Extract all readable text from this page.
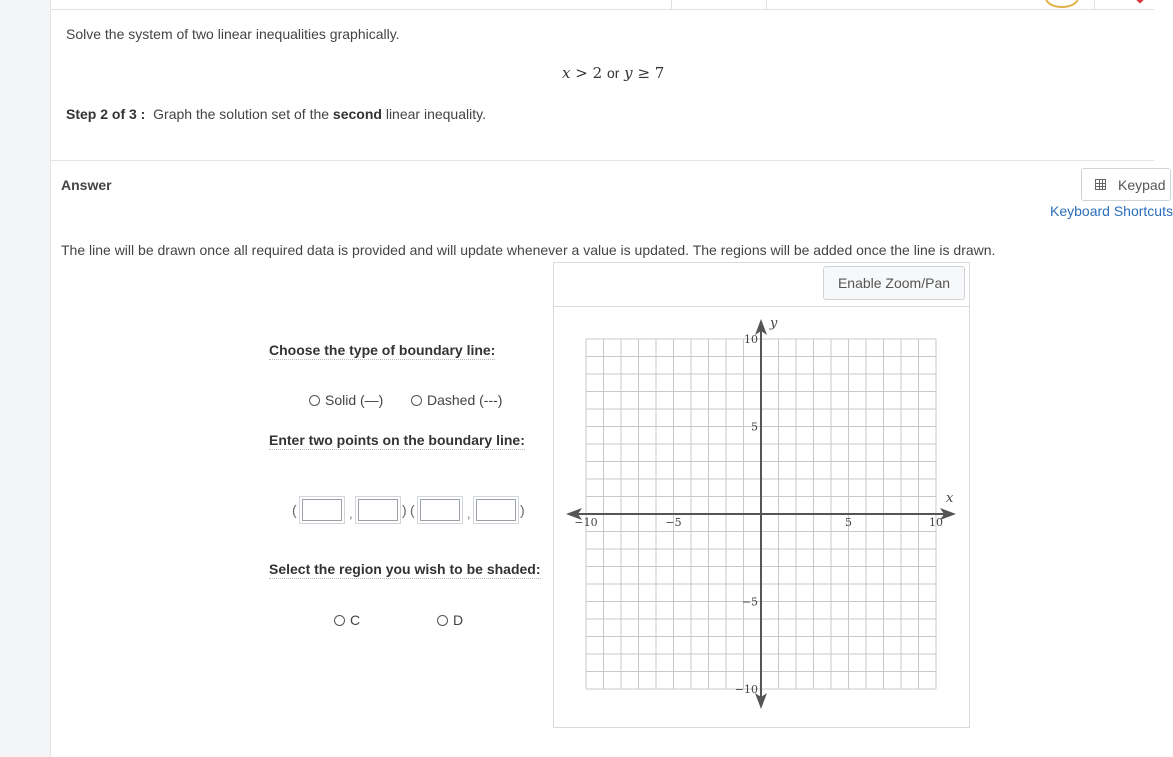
Solve the system of two linear inequalities graphically.
x > 2 or y ≥ 7
Step 2 of 3 : Graph the solution set of the second linear inequality.
Answer	Keypad
Keyboard Shortcuts
The line will be drawn once all required data is provided and will update whenever a value is updated. The regions will be added once the line is drawn.
Choose the type of boundary line:
Solid (—)	Dashed (---)
Enter two points on the boundary line:
(	,	) (	,	)
Select the region you wish to be shaded:
C	D
Enable Zoom/Pan
−10	−5	5	10
10
5
−5
−10
x
y
